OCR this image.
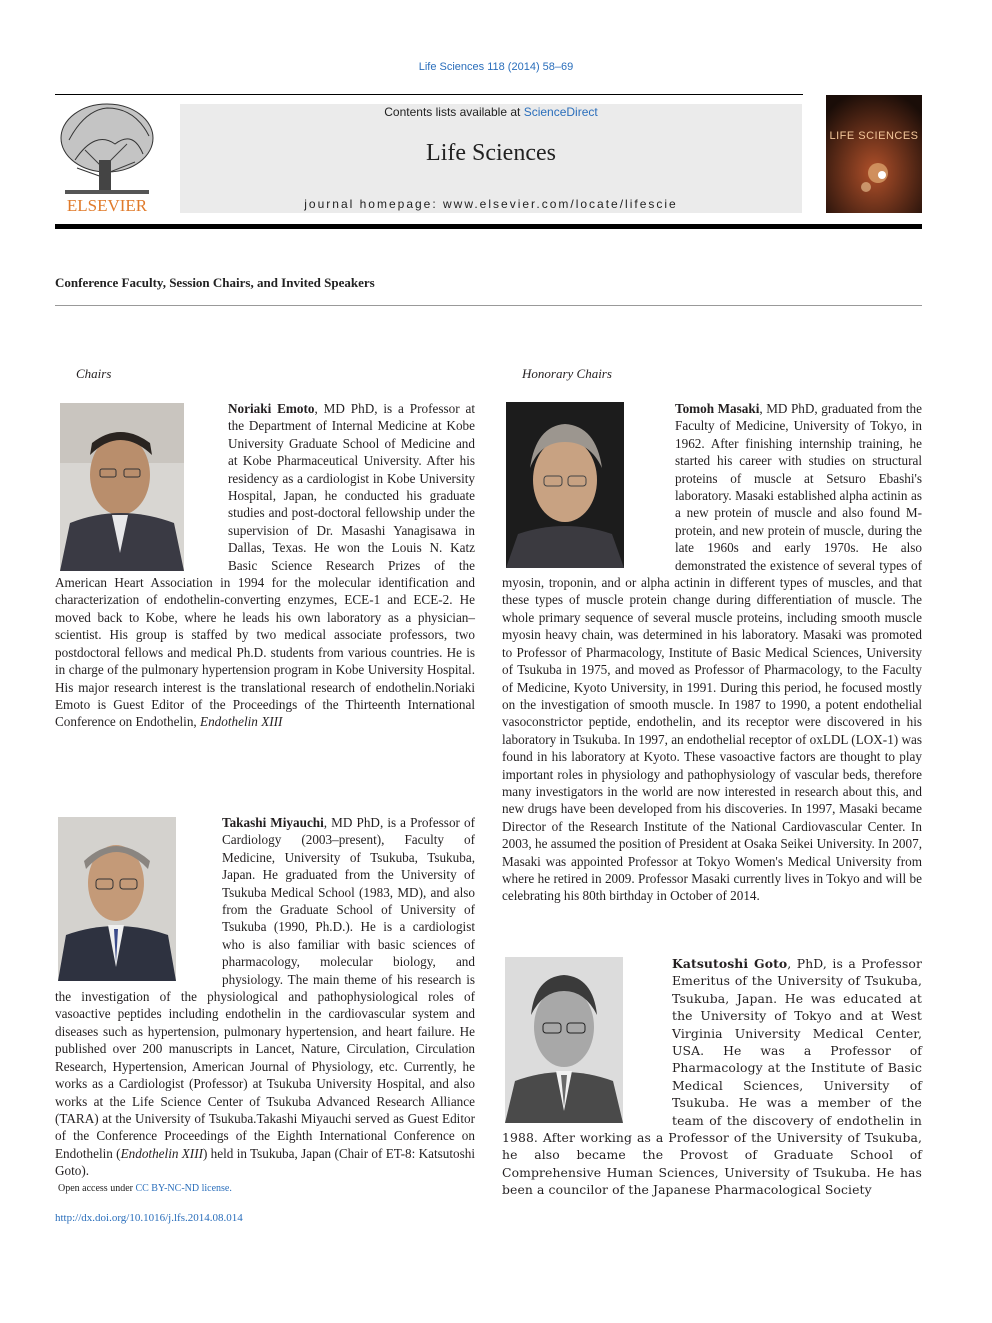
Life Sciences 118 (2014) 58–69
ELSEVIER
Contents lists available at ScienceDirect
Life Sciences
journal homepage: www.elsevier.com/locate/lifescie
LIFE SCIENCES
Conference Faculty, Session Chairs, and Invited Speakers
Chairs
Noriaki Emoto, MD PhD, is a Professor at the Department of Internal Medicine at Kobe University Graduate School of Medicine and at Kobe Pharmaceutical University. After his residency as a cardiologist in Kobe University Hospital, Japan, he conducted his graduate studies and post-doctoral fellowship under the supervision of Dr. Masashi Yanagisawa in Dallas, Texas. He won the Louis N. Katz Basic Science Research Prizes of the American Heart Association in 1994 for the molecular identification and characterization of endothelin-converting enzymes, ECE-1 and ECE-2. He moved back to Kobe, where he leads his own laboratory as a physician–scientist. His group is staffed by two medical associate professors, two postdoctoral fellows and medical Ph.D. students from various countries. He is in charge of the pulmonary hypertension program in Kobe University Hospital. His major research interest is the translational research of endothelin.Noriaki Emoto is Guest Editor of the Proceedings of the Thirteenth International Conference on Endothelin, Endothelin XIII
Takashi Miyauchi, MD PhD, is a Professor of Cardiology (2003–present), Faculty of Medicine, University of Tsukuba, Tsukuba, Japan. He graduated from the University of Tsukuba Medical School (1983, MD), and also from the Graduate School of University of Tsukuba (1990, Ph.D.). He is a cardiologist who is also familiar with basic sciences of pharmacology, molecular biology, and physiology. The main theme of his research is the investigation of the physiological and pathophysiological roles of vasoactive peptides including endothelin in the cardiovascular system and diseases such as hypertension, pulmonary hypertension, and heart failure. He published over 200 manuscripts in Lancet, Nature, Circulation, Circulation Research, Hypertension, American Journal of Physiology, etc. Currently, he works as a Cardiologist (Professor) at Tsukuba University Hospital, and also works at the Life Science Center of Tsukuba Advanced Research Alliance (TARA) at the University of Tsukuba.Takashi Miyauchi served as Guest Editor of the Conference Proceedings of the Eighth International Conference on Endothelin (Endothelin XIII) held in Tsukuba, Japan (Chair of ET-8: Katsutoshi Goto).
Honorary Chairs
Tomoh Masaki, MD PhD, graduated from the Faculty of Medicine, University of Tokyo, in 1962. After finishing internship training, he started his career with studies on structural proteins of muscle at Setsuro Ebashi's laboratory. Masaki established alpha actinin as a new protein of muscle and also found M-protein, and new protein of muscle, during the late 1960s and early 1970s. He also demonstrated the existence of several types of myosin, troponin, and or alpha actinin in different types of muscles, and that these types of muscle protein change during differentiation of muscle. The whole primary sequence of several muscle proteins, including smooth muscle myosin heavy chain, was determined in his laboratory. Masaki was promoted to Professor of Pharmacology, Institute of Basic Medical Sciences, University of Tsukuba in 1975, and moved as Professor of Pharmacology, to the Faculty of Medicine, Kyoto University, in 1991. During this period, he focused mostly on the investigation of smooth muscle. In 1987 to 1990, a potent endothelial vasoconstrictor peptide, endothelin, and its receptor were discovered in his laboratory in Tsukuba. In 1997, an endothelial receptor of oxLDL (LOX-1) was found in his laboratory at Kyoto. These vasoactive factors are thought to play important roles in physiology and pathophysiology of vascular beds, therefore many investigators in the world are now interested in research about this, and new drugs have been developed from his discoveries. In 1997, Masaki became Director of the Research Institute of the National Cardiovascular Center. In 2003, he assumed the position of President at Osaka Seikei University. In 2007, Masaki was appointed Professor at Tokyo Women's Medical University from where he retired in 2009. Professor Masaki currently lives in Tokyo and will be celebrating his 80th birthday in October of 2014.
Katsutoshi Goto, PhD, is a Professor Emeritus of the University of Tsukuba, Tsukuba, Japan. He was educated at the University of Tokyo and at West Virginia University Medical Center, USA. He was a Professor of Pharmacology at the Institute of Basic Medical Sciences, University of Tsukuba. He was a member of the team of the discovery of endothelin in 1988. After working as a Professor of the University of Tsukuba, he also became the Provost of Graduate School of Comprehensive Human Sciences, University of Tsukuba. He has been a councilor of the Japanese Pharmacological Society
Open access under CC BY-NC-ND license.
http://dx.doi.org/10.1016/j.lfs.2014.08.014
